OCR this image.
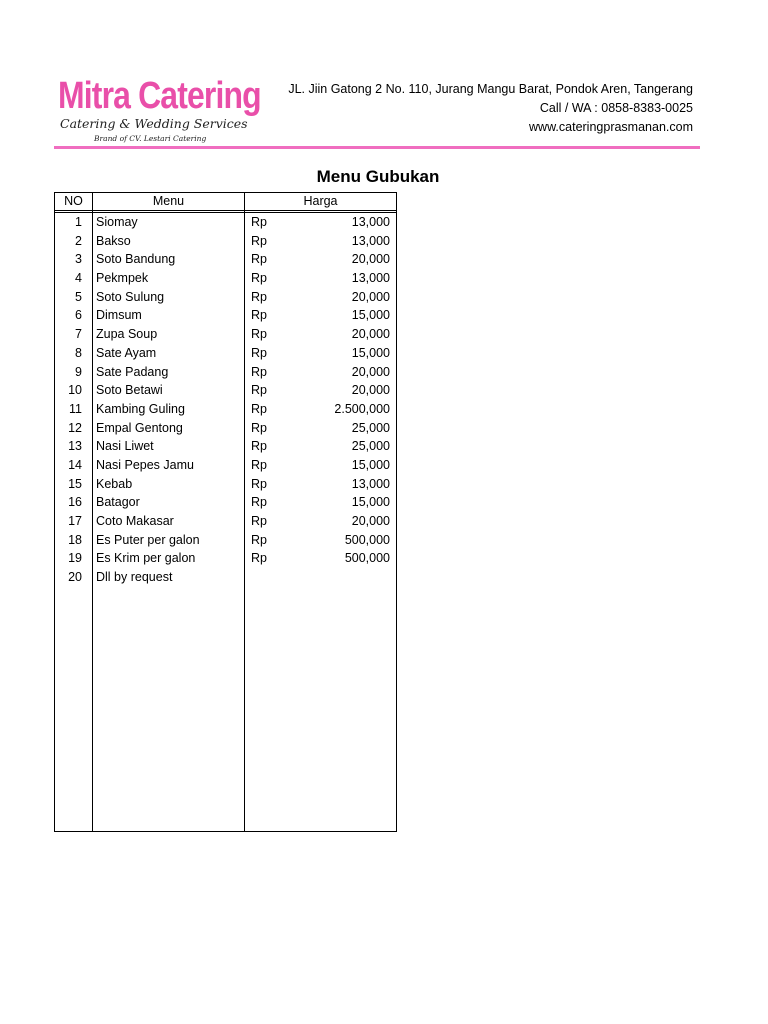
Mitra Catering
Catering & Wedding Services
Brand of CV. Lestari Catering
JL. Jiin Gatong 2 No. 110, Jurang Mangu Barat, Pondok Aren, Tangerang
Call / WA : 0858-8383-0025
www.cateringprasmanan.com
Menu Gubukan
NO	Menu	Harga
1 Siomay	Rp	13,000
2 Bakso	Rp	13,000
3 Soto Bandung	Rp	20,000
4 Pekmpek	Rp	13,000
5 Soto Sulung	Rp	20,000
6 Dimsum	Rp	15,000
7 Zupa Soup	Rp	20,000
8 Sate Ayam	Rp	15,000
9 Sate Padang	Rp	20,000
10 Soto Betawi	Rp	20,000
11 Kambing Guling	Rp	2.500,000
12 Empal Gentong	Rp	25,000
13 Nasi Liwet	Rp	25,000
14 Nasi Pepes Jamu	Rp	15,000
15 Kebab	Rp	13,000
16 Batagor	Rp	15,000
17 Coto Makasar	Rp	20,000
18 Es Puter per galon	Rp	500,000
19 Es Krim per galon	Rp	500,000
20 Dll by request
